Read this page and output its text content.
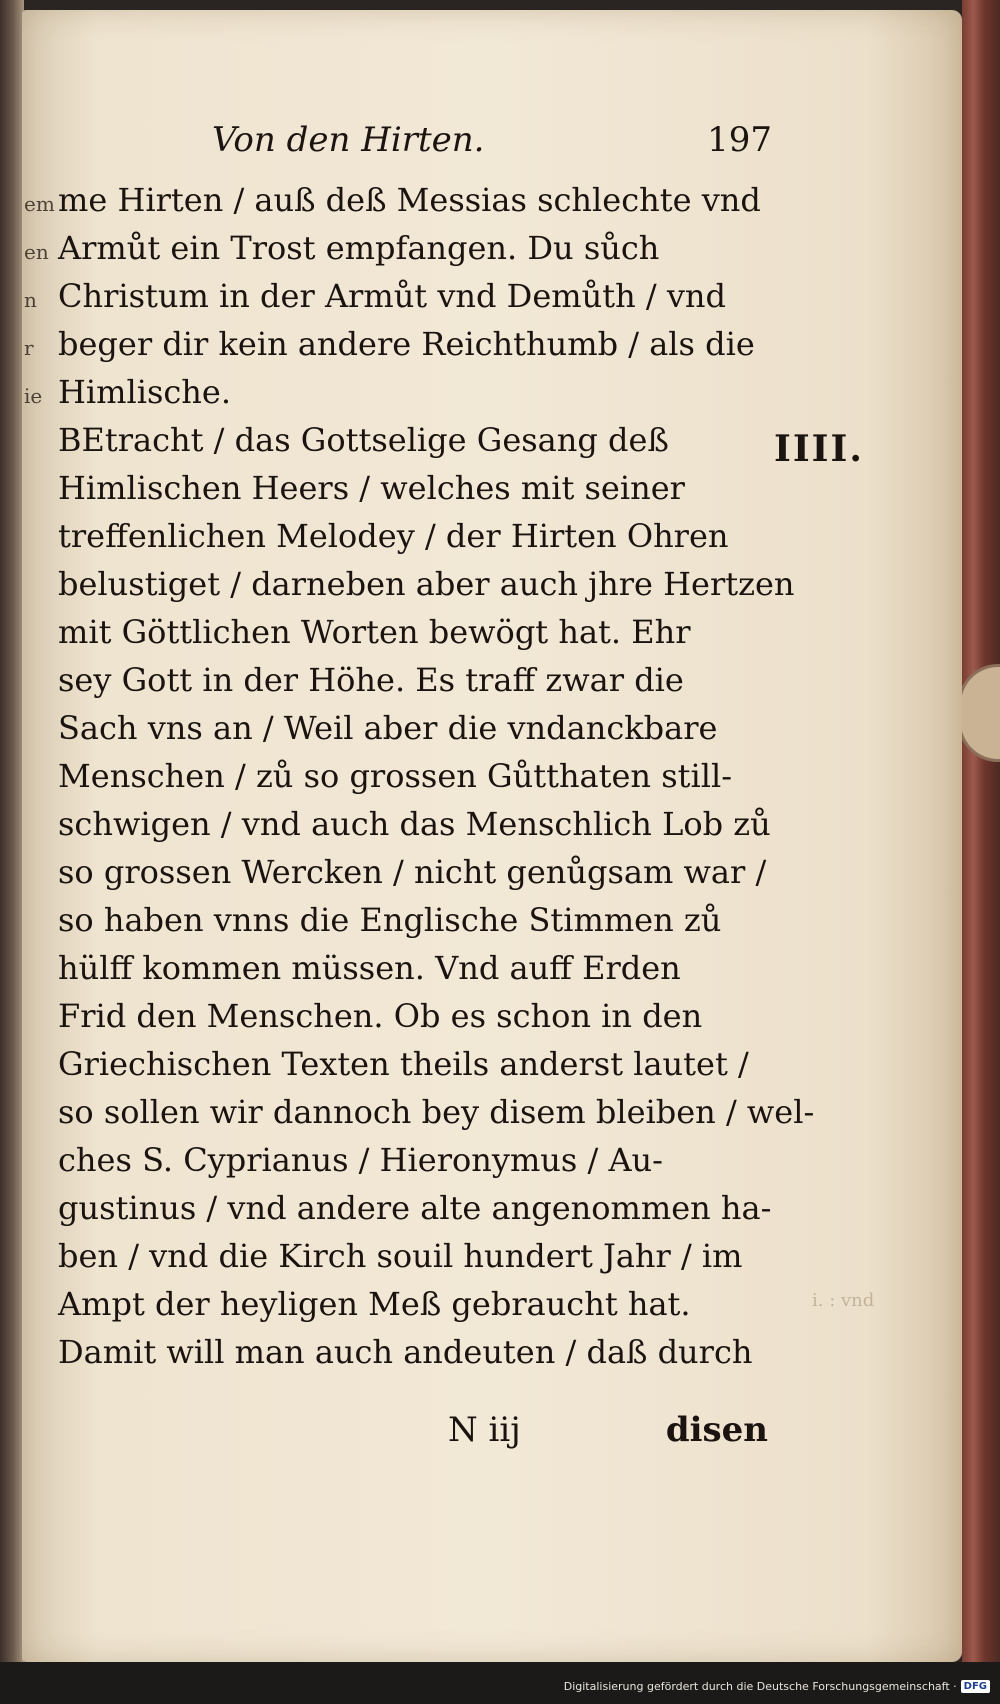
em
en
n
r
ie
Von den Hirten.	197
IIII.
me Hirten / auß deß Messias schlechte vnd
Armůt ein Trost empfangen. Du sůch
Christum in der Armůt vnd Demůth / vnd
beger dir kein andere Reichthumb / als die
Himlische.
BEtracht / das Gottselige Gesang deß
Himlischen Heers / welches mit seiner
treffenlichen Melodey / der Hirten Ohren
belustiget / darneben aber auch jhre Hertzen
mit Göttlichen Worten bewögt hat. Ehr
sey Gott in der Höhe. Es traff zwar die
Sach vns an / Weil aber die vndanckbare
Menschen / zů so grossen Gůtthaten still-
schwigen / vnd auch das Menschlich Lob zů
so grossen Wercken / nicht genůgsam war /
so haben vnns die Englische Stimmen zů
hülff kommen müssen. Vnd auff Erden
Frid den Menschen. Ob es schon in den
Griechischen Texten theils anderst lautet /
so sollen wir dannoch bey disem bleiben / wel-
ches S. Cyprianus / Hieronymus / Au-
gustinus / vnd andere alte angenommen ha-
ben / vnd die Kirch souil hundert Jahr / im
Ampt der heyligen Meß gebraucht hat.
Damit will man auch andeuten / daß durch
i. : vnd
N iij	disen
Digitalisierung gefördert durch die Deutsche Forschungsgemeinschaft · DFG
